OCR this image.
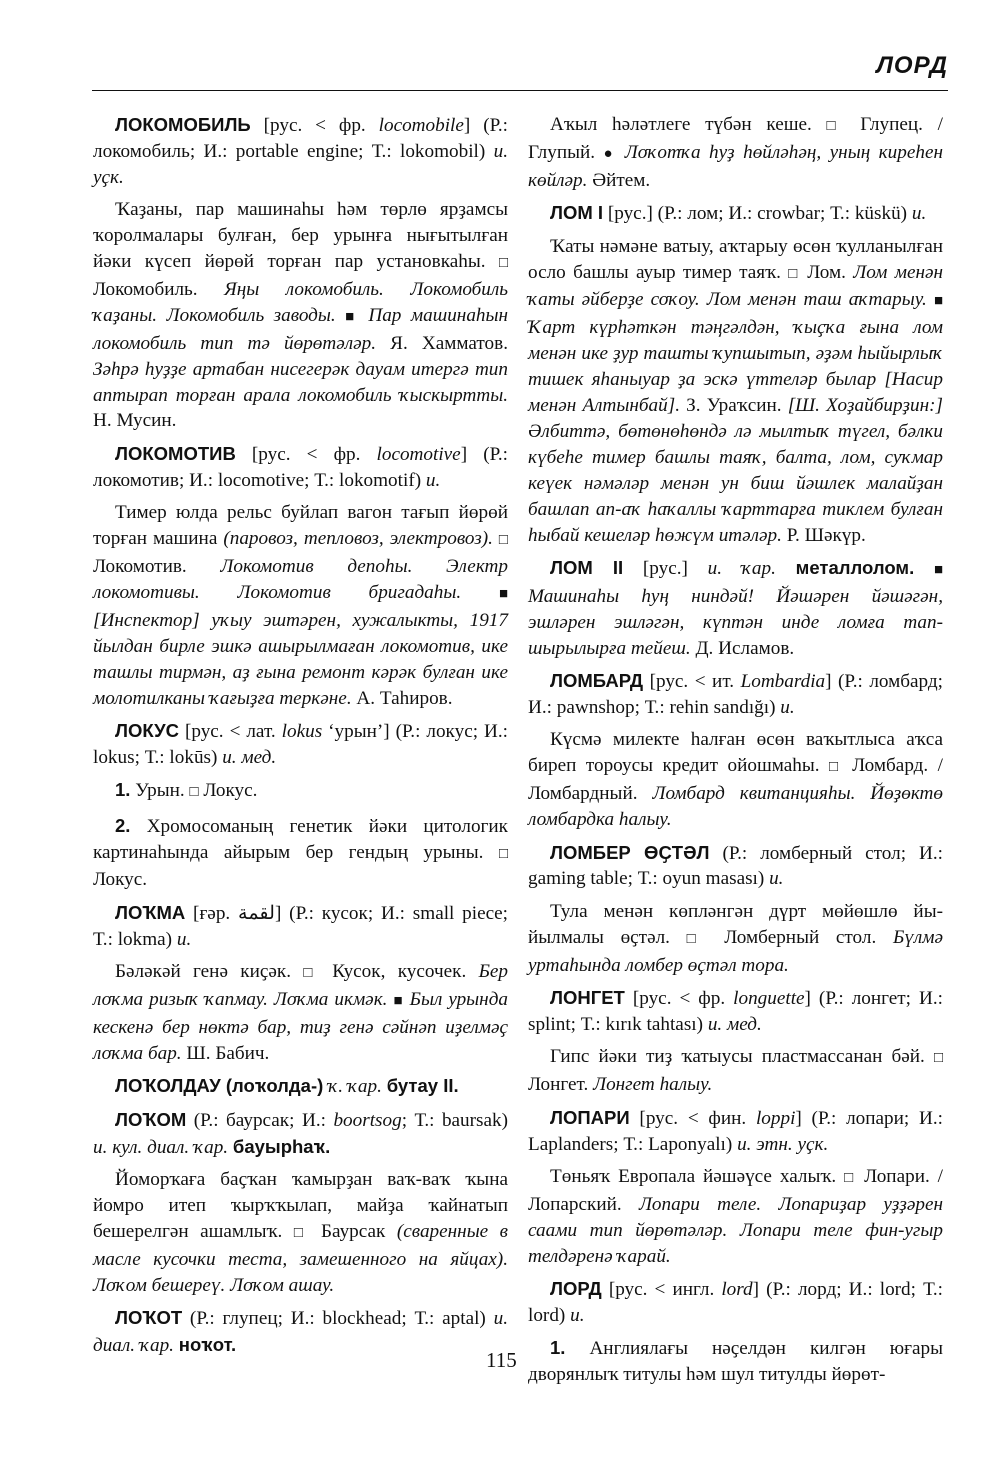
ЛОРД

ЛОКОМОБИЛЬ [рус. < фр. locomobile] (Р.: локомобиль; И.: portable engine; Т.: lokomobil) и. уҫк.

Ҡаҙаны, пар машинаһы һәм төрлө ярҙамсы ҡоролмалары булған, бер урынға нығытылған йәки күсеп йөрөй торған пар установкаһы. □ Локомобиль. Яңы локомобиль. Локомобиль ҡаҙаны. Локомобиль заводы. ■ Пар машинаһын локомобиль тип тә йөрөтәләр. Я. Хамматов. Зәһрә һуҙҙе артабан нисегерәк дауам итергә тип аптырап торған арала локомобиль ҡыскыртты. Н. Мусин.

ЛОКОМОТИВ [рус. < фр. locomotive] (Р.: локомотив; И.: locomotive; Т.: lokomotif) и.

Тимер юлда рельс буйлап вагон тағып йөрөй торған машина (паровоз, тепловоз, электровоз). □ Локомотив. Локомотив депоһы. Электр локомотивы. Локомотив бригадаһы. ■ [Инспектор] уҡыу эштәрен, хужалыкты, 1917 йылдан бирле эшкә ашырылмаған локомотив, ике ташлы тирмән, аҙ ғына ремонт кәрәк булған ике молотилканы ҡағыҙға теркәне. А. Таһиров.

ЛОКУС [рус. < лат. lokus ‘урын’] (Р.: локус; И.: lokus; Т.: lokūs) и. мед.

1. Урын. □ Локус.

2. Хромосоманың генетик йәки цитологик картинаһында айырым бер гендың урыны. □ Локус.

ЛОҠМА [ғәр. لقمة] (Р.: кусок; И.: small piece; Т.: lokma) и.

Бәләкәй генә киҫәк. □ Кусок, кусочек. Бер лоҡма ризыҡ ҡапмау. Лоҡма икмәк. ■ Был урында кескенә бер нөктә бар, тиҙ генә сәйнәп иҙелмәҫ лоҡма бар. Ш. Бабич.

ЛОҠОЛДАУ (лоҡолда-) ҡ. ҡар. бутау II.

ЛОҠОМ (Р.: баурсак; И.: boortsog; Т.: baursak) и. кул. диал. ҡар. бауырһаҡ.

Йоморҡаға баҫҡан ҡамырҙан ваҡ-ваҡ ҡына йомро итеп ҡырҡҡылап, майҙа ҡайнатып бешерелгән ашамлыҡ. □ Баурсак (сваренные в масле кусочки теста, замешенного на яйцах). Лоҡом бешереү. Лоҡом ашау.

ЛОҠОТ (Р.: глупец; И.: blockhead; Т.: aptal) и. диал. ҡар. ноҡот.

Аҡыл һәләтлеге түбән кеше. □ Глупец. / Глупый. ● Лоҡотҡа һуҙ һөйләһәң, уның киреһен көйләр. Әйтем.

ЛОМ I [рус.] (Р.: лом; И.: crowbar; Т.: küskü) и.

Ҡаты нәмәне ватыу, аҡтарыу өсөн ҡулланылған осло башлы ауыр тимер таяҡ. □ Лом. Лом менән ҡаты әйберҙе соҡоу. Лом менән таш аҡтарыу. ■ Ҡарт күрһәткән тәңгәлдән, ҡыҫҡа ғына лом менән ике ҙур ташты ҡупшытып, әҙәм һыйырлыҡ тишек яһаныуар ҙа эскә үттеләр былар [Насир менән Алтынбай]. З. Ураҡсин. [Ш. Хоҙайбирҙин:] Әлбиттә, бөтөнөһөндә лә мылтыҡ түгел, бәлки күбеһе тимер башлы таяҡ, балта, лом, суҡмар кеүек нәмәләр менән ун биш йәшлек малайҙан башлап ап-аҡ һаҡаллы ҡарттарға тиклем булған һыбай кешеләр һөжүм итәләр. Р. Шәкүр.

ЛОМ II [рус.] и. ҡар. металлолом. ■ Машинаһы һуң ниндәй! Йәшәрен йәшәгән, эшләрен эшләгән, күптән инде ломға тапшырылырға тейеш. Д. Исламов.

ЛОМБАРД [рус. < ит. Lombardia] (Р.: ломбард; И.: pawnshop; Т.: rehin sandığı) и.

Күсмә милекте һалған өсөн ваҡытлыса аҡса биреп тороусы кредит ойошмаһы. □ Ломбард. / Ломбардный. Ломбард квитанцияһы. Йөҙөктө ломбардка һалыу.

ЛОМБЕР ӨҪТӘЛ (Р.: ломберный стол; И.: gaming table; Т.: oyun masası) и.

Тула менән көпләнгән дүрт мөйөшлө йыйылмалы өҫтәл. □ Ломберный стол. Бүлмә уртаһында ломбер өҫтәл тора.

ЛОНГЕТ [рус. < фр. longuette] (Р.: лонгет; И.: splint; Т.: kırık tahtası) и. мед.

Гипс йәки тиҙ ҡатыусы пластмассанан бәй. □ Лонгет. Лонгет һалыу.

ЛОПАРИ [рус. < фин. loppi] (Р.: лопари; И.: Laplanders; Т.: Laponyalı) и. этн. уҫк.

Төньяҡ Европала йәшәүсе халыҡ. □ Лопари. / Лопарский. Лопари теле. Лопариҙар уҙҙәрен саами тип йөрөтәләр. Лопари теле фин-угыр телдәренә ҡарай.

ЛОРД [рус. < ингл. lord] (Р.: лорд; И.: lord; Т.: lord) и.

1. Англиялағы нәҫелдән килгән юғары дворянлыҡ титулы һәм шул титулды йөрөт-

115
